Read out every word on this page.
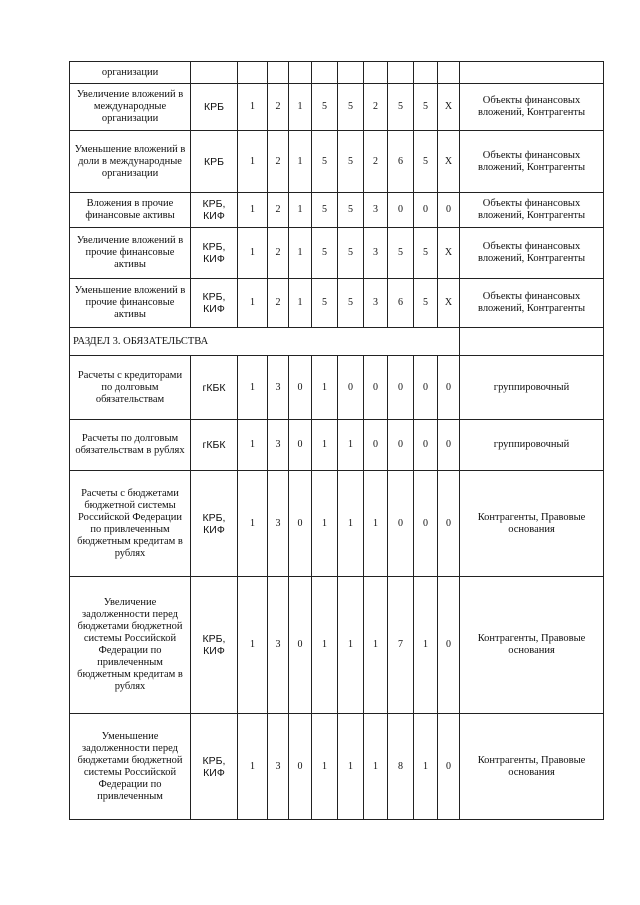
организации											
Увеличение вложений в международные организации	КРБ	1	2	1	5	5	2	5	5	X	Объекты финансовых вложений, Контрагенты
Уменьшение вложений в доли в международные организации	КРБ	1	2	1	5	5	2	6	5	X	Объекты финансовых вложений, Контрагенты
Вложения в прочие финансовые активы	КРБ, КИФ	1	2	1	5	5	3	0	0	0	Объекты финансовых вложений, Контрагенты
Увеличение вложений в прочие финансовые активы	КРБ, КИФ	1	2	1	5	5	3	5	5	X	Объекты финансовых вложений, Контрагенты
Уменьшение вложений в прочие финансовые активы	КРБ, КИФ	1	2	1	5	5	3	6	5	X	Объекты финансовых вложений, Контрагенты
РАЗДЕЛ 3. ОБЯЗАТЕЛЬСТВА											
Расчеты с кредиторами по долговым обязательствам	гКБК	1	3	0	1	0	0	0	0	0	группировочный
Расчеты по долговым обязательствам в рублях	гКБК	1	3	0	1	1	0	0	0	0	группировочный
Расчеты с бюджетами бюджетной системы Российской Федерации по привлеченным бюджетным кредитам в рублях	КРБ, КИФ	1	3	0	1	1	1	0	0	0	Контрагенты, Правовые основания
Увеличение задолженности перед бюджетами бюджетной системы Российской Федерации по привлеченным бюджетным кредитам в рублях	КРБ, КИФ	1	3	0	1	1	1	7	1	0	Контрагенты, Правовые основания
Уменьшение задолженности перед бюджетами бюджетной системы Российской Федерации по привлеченным	КРБ, КИФ	1	3	0	1	1	1	8	1	0	Контрагенты, Правовые основания
